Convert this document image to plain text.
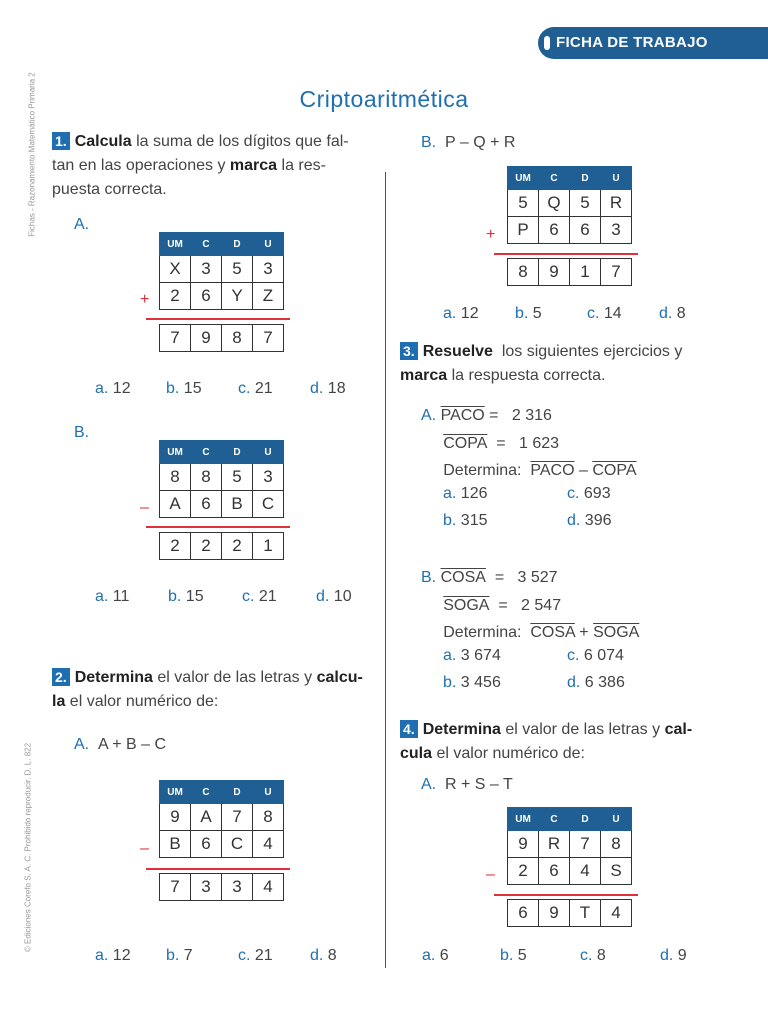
FICHA DE TRABAJO
Criptoaritmética
Fichas - Razonamiento Matemático Primaria 2
© Ediciones Corefo S. A. C. Prohibido reproducir. D. L. 822
1. Calcula la suma de los dígitos que fal-
tan en las operaciones y marca la res-
puesta correcta.
A.
UM	C	D	U
X	3	5	3
2	6	Y	Z
+
7	9	8	7
a. 12 b. 15 c. 21 d. 18
B.
UM	C	D	U
8	8	5	3
A	6	B	C
–
2	2	2	1
a. 11 b. 15 c. 21 d. 10
2. Determina el valor de las letras y calcu-
la el valor numérico de:
A. A + B – C
UM	C	D	U
9	A	7	8
B	6	C	4
–
7	3	3	4
a. 12 b. 7	c. 21 d. 8
B. P – Q + R
UM	C	D	U
5	Q	5	R
P	6	6	3
+
8	9	1	7
a. 12 b. 5	c. 14 d. 8
3. Resuelve los siguientes ejercicios y
marca la respuesta correcta.
A. PACO =   2 316
COPA  =   1 623
Determina: PACO – COPA
a. 126	c. 693
b. 315	d. 396
B. COSA  =   3 527
SOGA  =   2 547
Determina: COSA + SOGA
a. 3 674	c. 6 074
b. 3 456	d. 6 386
4. Determina el valor de las letras y cal-
cula el valor numérico de:
A. R + S – T
UM	C	D	U
9	R	7	8
2	6	4	S
–
6	9	T	4
a. 6	b. 5	c. 8	d. 9
